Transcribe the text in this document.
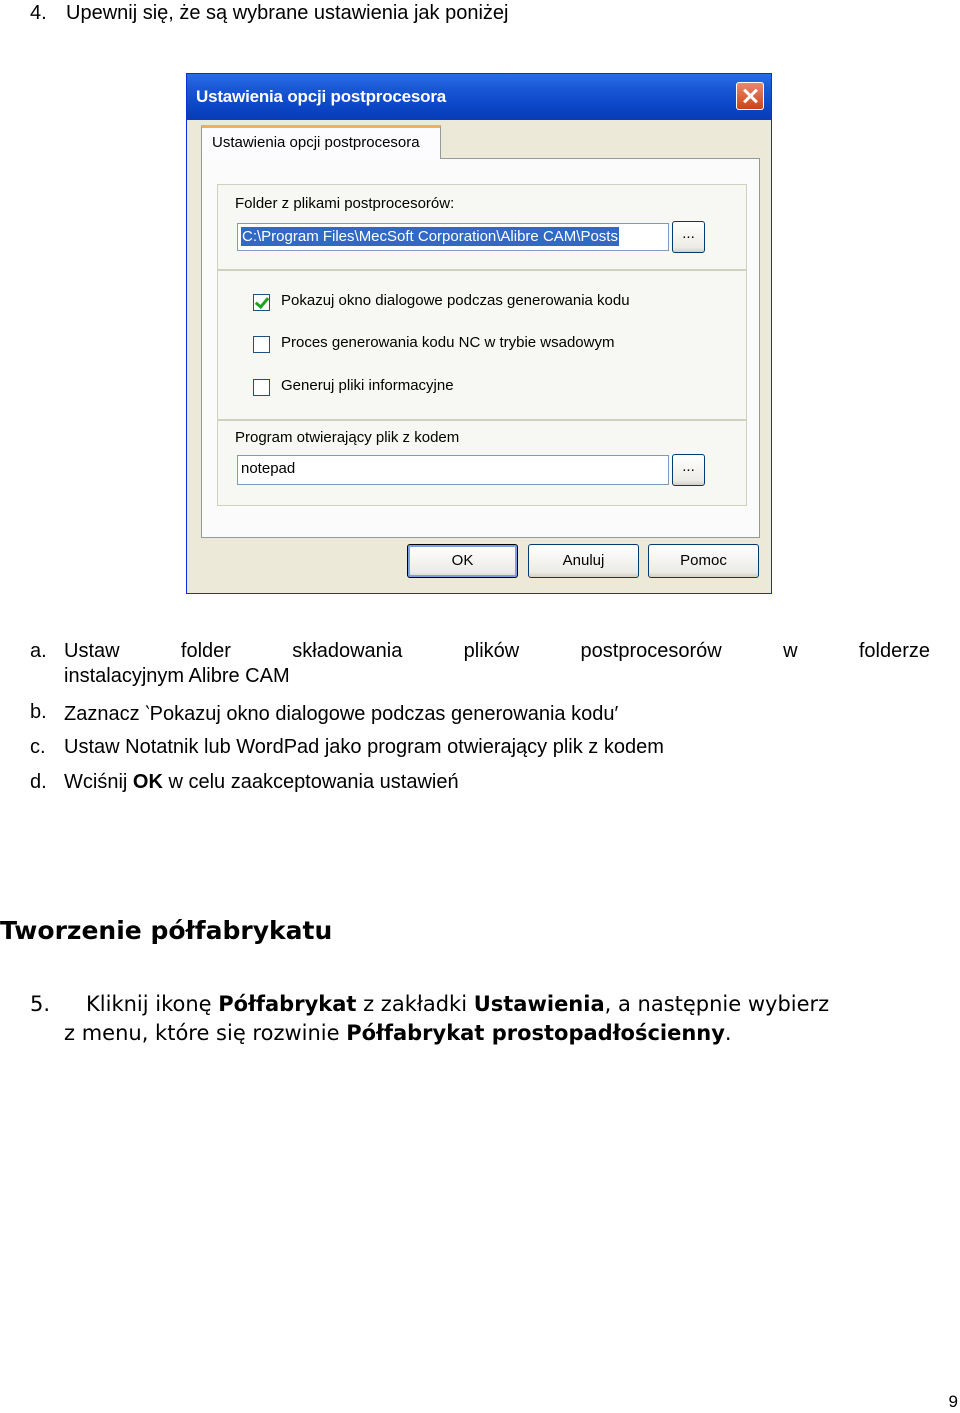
4. Upewnij się, że są wybrane ustawienia jak poniżej
Ustawienia opcji postprocesora
Ustawienia opcji postprocesora
Folder z plikami postprocesorów:
C:\Program Files\MecSoft Corporation\Alibre CAM\Posts	...
Pokazuj okno dialogowe podczas generowania kodu
Proces generowania kodu NC w trybie wsadowym
Generuj pliki informacyjne
Program otwierający plik z kodem
notepad	...
OK	Anuluj	Pomoc
a. Ustaw folder składowania plików postprocesorów w folderze
instalacyjnym Alibre CAM
b. Zaznacz ‵Pokazuj okno dialogowe podczas generowania kodu′
c. Ustaw Notatnik lub WordPad jako program otwierający plik z kodem
d. Wciśnij OK w celu zaakceptowania ustawień
Tworzenie półfabrykatu
5. Kliknij ikonę Półfabrykat z zakładki Ustawienia, a następnie wybierz
z menu, które się rozwinie Półfabrykat prostopadłościenny.
9
